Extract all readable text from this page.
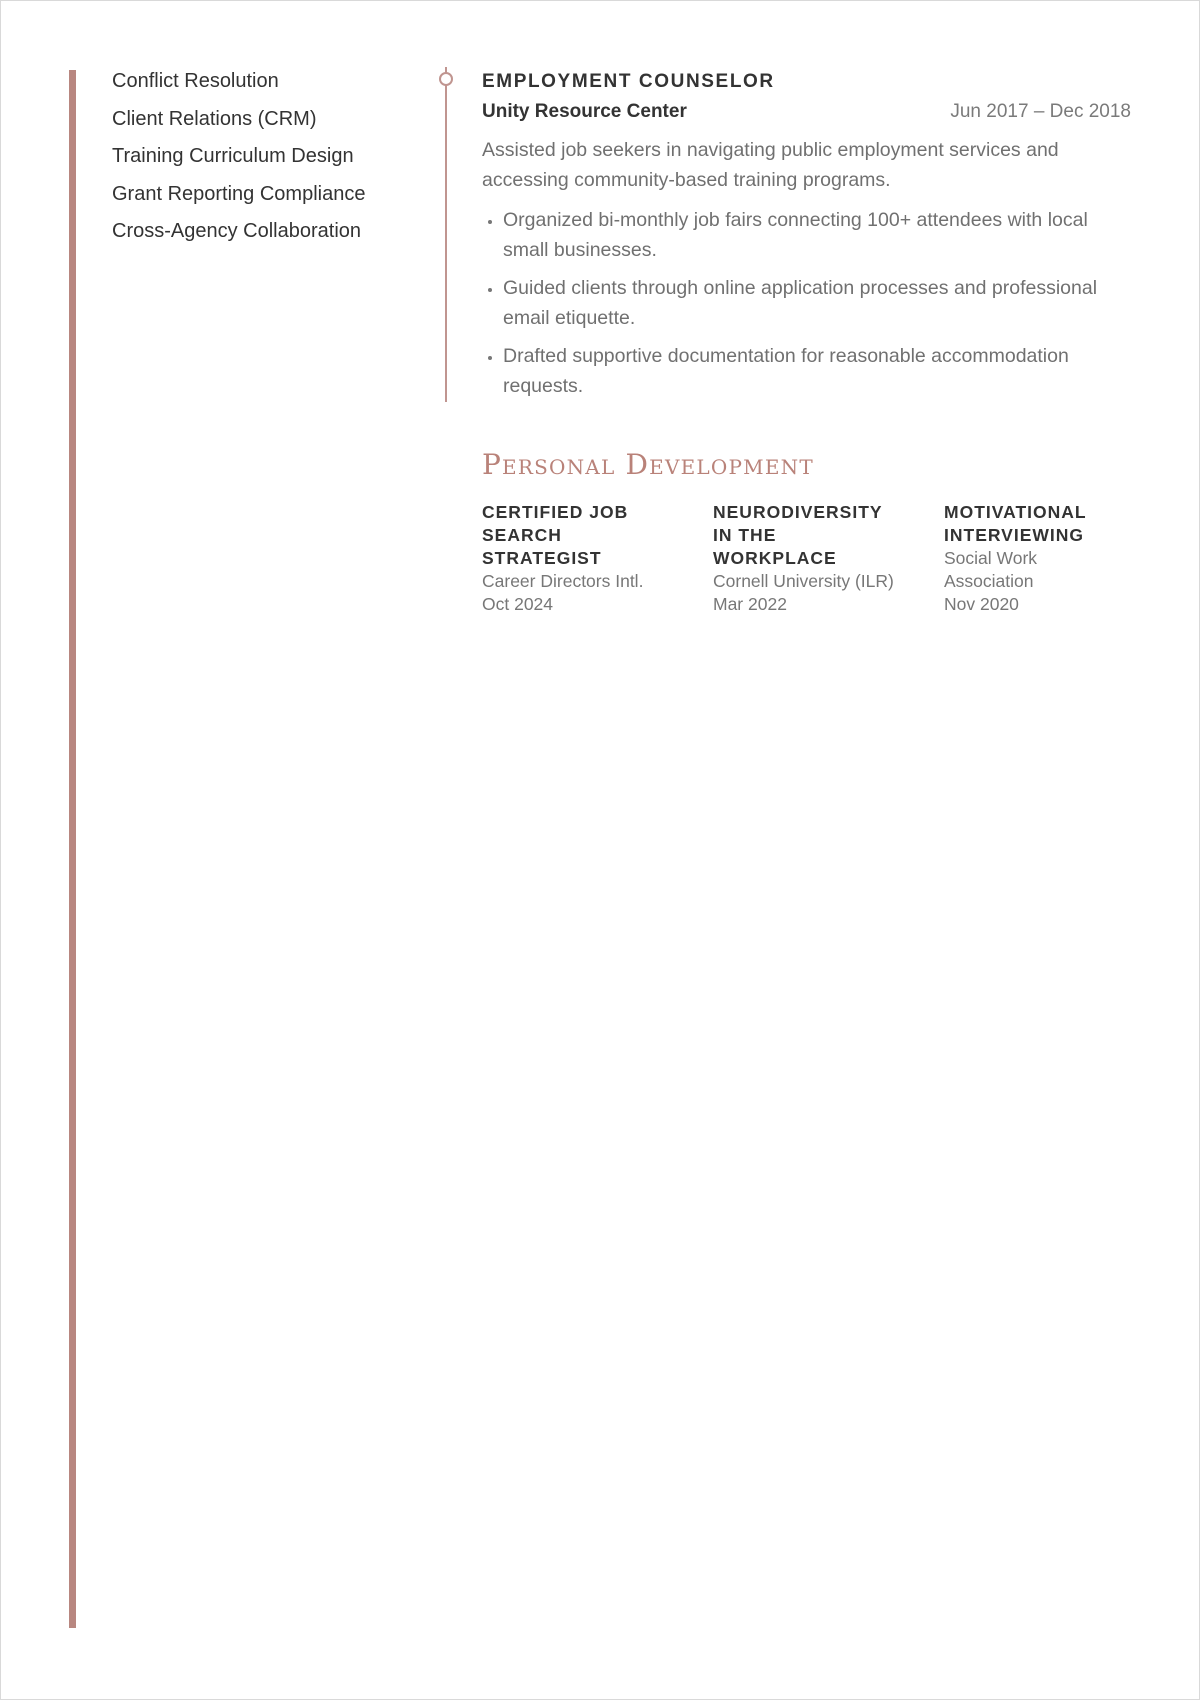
Conflict Resolution
Client Relations (CRM)
Training Curriculum Design
Grant Reporting Compliance
Cross-Agency Collaboration
EMPLOYMENT COUNSELOR
Unity Resource Center	Jun 2017 – Dec 2018
Assisted job seekers in navigating public employment services and accessing community-based training programs.
• Organized bi-monthly job fairs connecting 100+ attendees with local small businesses.
• Guided clients through online application processes and professional email etiquette.
• Drafted supportive documentation for reasonable accommodation requests.
Personal Development
CERTIFIED JOB SEARCH STRATEGIST
Career Directors Intl.
Oct 2024
NEURODIVERSITY IN THE WORKPLACE
Cornell University (ILR)
Mar 2022
MOTIVATIONAL INTERVIEWING
Social Work Association
Nov 2020
